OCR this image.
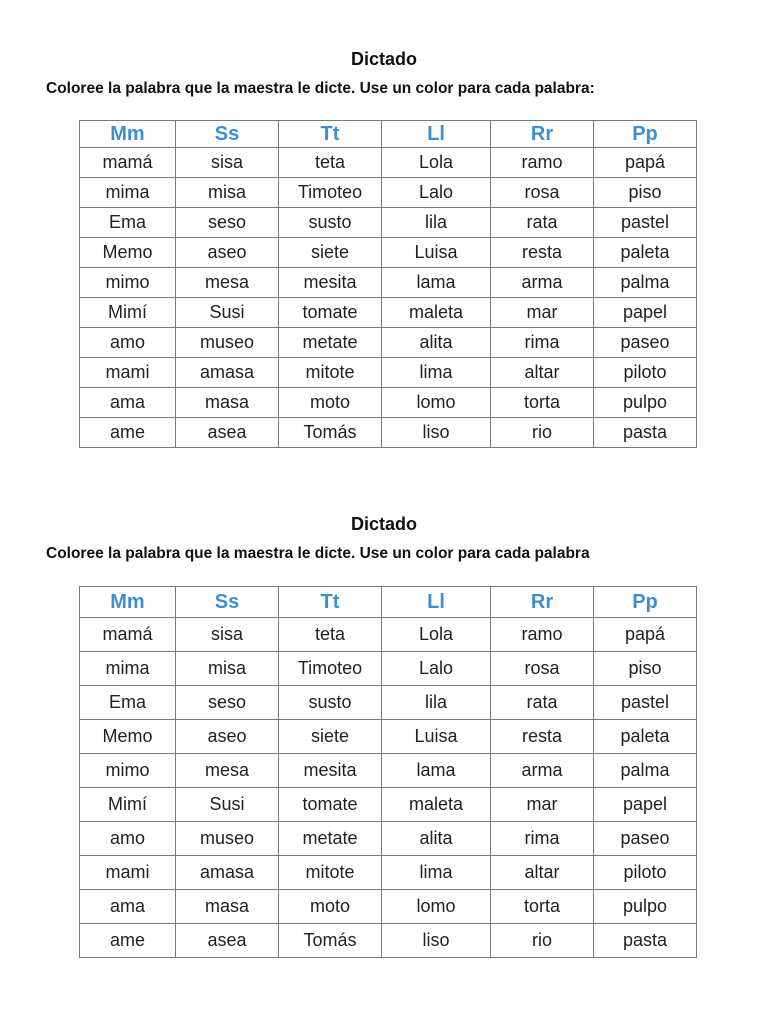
Dictado
Coloree la palabra que la maestra le dicte. Use un color para cada palabra:
Mm	Ss	Tt	Ll	Rr	Pp
mamá	sisa	teta	Lola	ramo	papá
mima	misa	Timoteo	Lalo	rosa	piso
Ema	seso	susto	lila	rata	pastel
Memo	aseo	siete	Luisa	resta	paleta
mimo	mesa	mesita	lama	arma	palma
Mimí	Susi	tomate	maleta	mar	papel
amo	museo	metate	alita	rima	paseo
mami	amasa	mitote	lima	altar	piloto
ama	masa	moto	lomo	torta	pulpo
ame	asea	Tomás	liso	rio	pasta
Dictado
Coloree la palabra que la maestra le dicte. Use un color para cada palabra
Mm	Ss	Tt	Ll	Rr	Pp
mamá	sisa	teta	Lola	ramo	papá
mima	misa	Timoteo	Lalo	rosa	piso
Ema	seso	susto	lila	rata	pastel
Memo	aseo	siete	Luisa	resta	paleta
mimo	mesa	mesita	lama	arma	palma
Mimí	Susi	tomate	maleta	mar	papel
amo	museo	metate	alita	rima	paseo
mami	amasa	mitote	lima	altar	piloto
ama	masa	moto	lomo	torta	pulpo
ame	asea	Tomás	liso	rio	pasta
